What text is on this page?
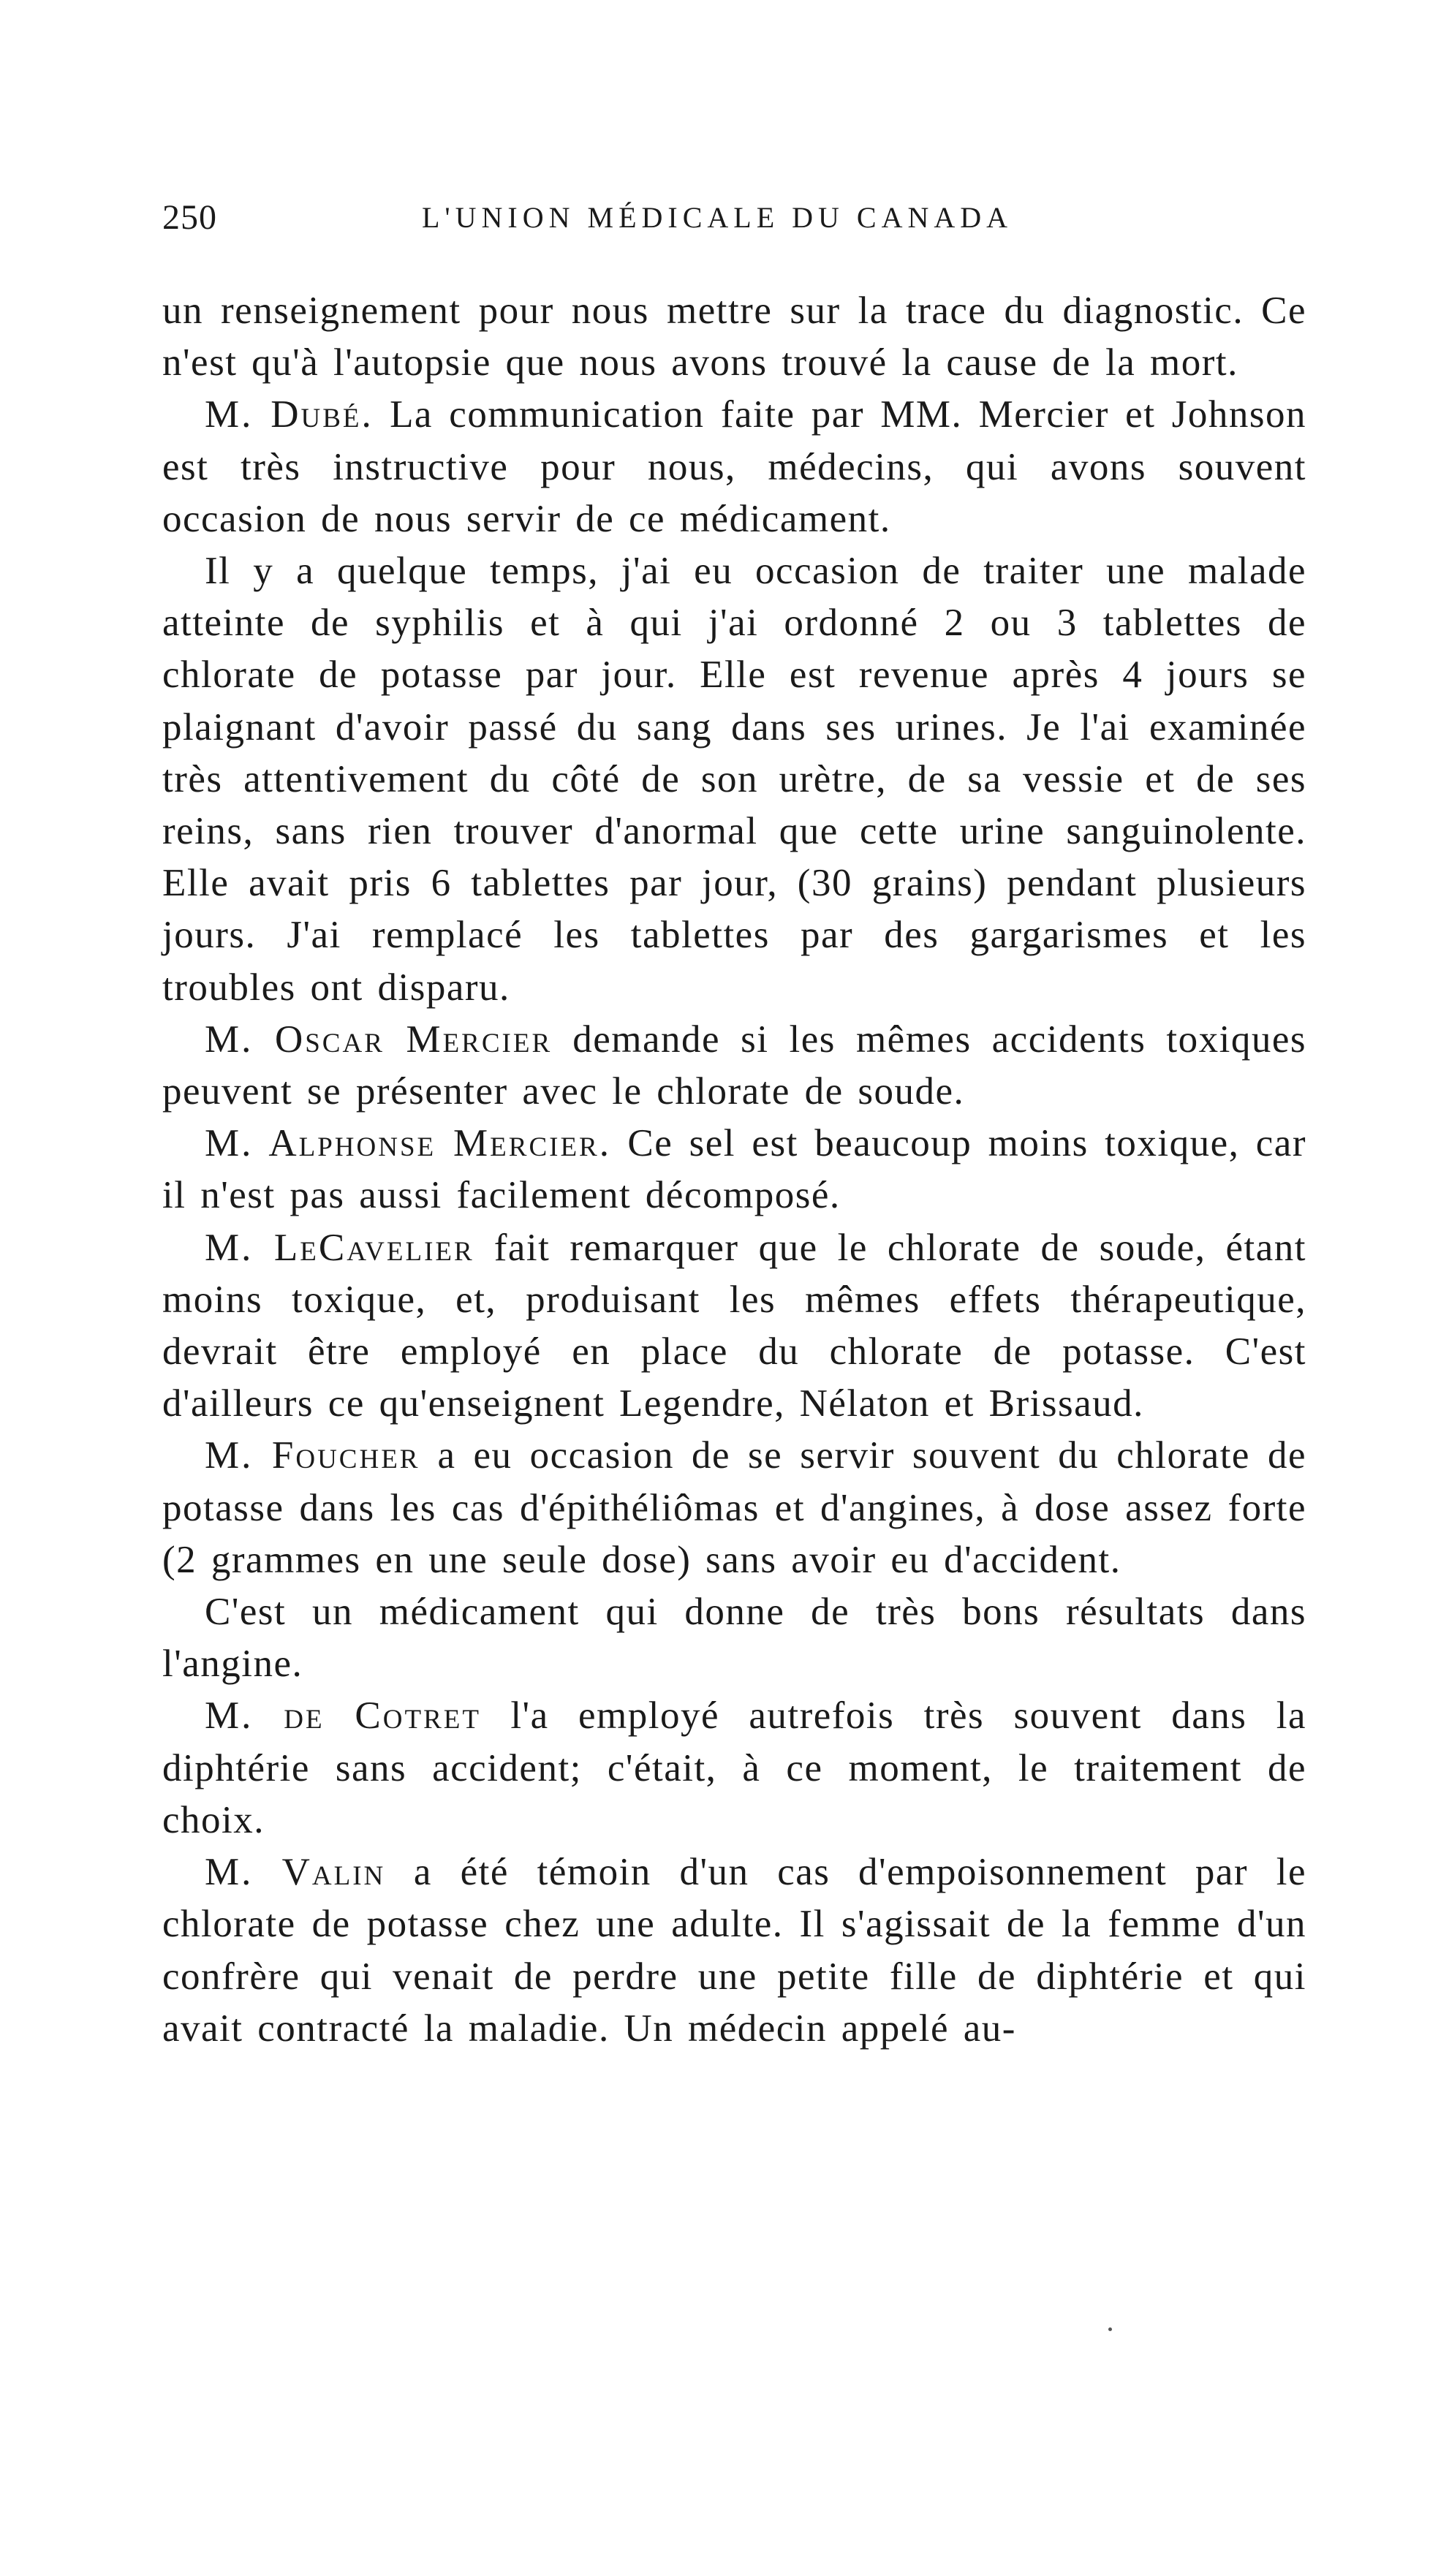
250	L'UNION MÉDICALE DU CANADA

un renseignement pour nous mettre sur la trace du diagnostic. Ce n'est qu'à l'autopsie que nous avons trouvé la cause de la mort.

M. Dubé. La communication faite par MM. Mercier et Johnson est très instructive pour nous, médecins, qui avons souvent occasion de nous servir de ce médicament.

Il y a quelque temps, j'ai eu occasion de traiter une malade atteinte de syphilis et à qui j'ai ordonné 2 ou 3 tablettes de chlorate de potasse par jour. Elle est revenue après 4 jours se plaignant d'avoir passé du sang dans ses urines. Je l'ai examinée très attentivement du côté de son urètre, de sa vessie et de ses reins, sans rien trouver d'anormal que cette urine sanguinolente. Elle avait pris 6 tablettes par jour, (30 grains) pendant plusieurs jours. J'ai remplacé les tablettes par des gargarismes et les troubles ont disparu.

M. Oscar Mercier demande si les mêmes accidents toxiques peuvent se présenter avec le chlorate de soude.

M. Alphonse Mercier. Ce sel est beaucoup moins toxique, car il n'est pas aussi facilement décomposé.

M. LeCavelier fait remarquer que le chlorate de soude, étant moins toxique, et, produisant les mêmes effets thérapeutique, devrait être employé en place du chlorate de potasse. C'est d'ailleurs ce qu'enseignent Legendre, Nélaton et Brissaud.

M. Foucher a eu occasion de se servir souvent du chlorate de potasse dans les cas d'épithéliômas et d'angines, à dose assez forte (2 grammes en une seule dose) sans avoir eu d'accident.

C'est un médicament qui donne de très bons résultats dans l'angine.

M. de Cotret l'a employé autrefois très souvent dans la diphtérie sans accident; c'était, à ce moment, le traitement de choix.

M. Valin a été témoin d'un cas d'empoisonnement par le chlorate de potasse chez une adulte. Il s'agissait de la femme d'un confrère qui venait de perdre une petite fille de diphtérie et qui avait contracté la maladie. Un médecin appelé au-
